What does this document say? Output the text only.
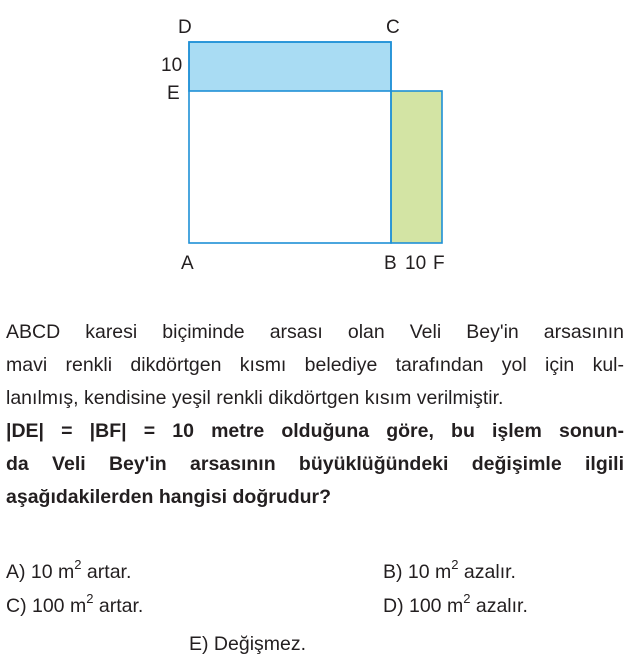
D	C
10
E
A	B 10 F
ABCD karesi biçiminde arsası olan Veli Bey'in arsasının
mavi renkli dikdörtgen kısmı belediye tarafından yol için kul-
lanılmış, kendisine yeşil renkli dikdörtgen kısım verilmiştir.
|DE| = |BF| = 10 metre olduğuna göre, bu işlem sonun-
da Veli Bey'in arsasının büyüklüğündeki değişimle ilgili
aşağıdakilerden hangisi doğrudur?
A) 10 $m^2$ artar.	B) 10 $m^2$ azalır.
C) 100 $m^2$ artar.	D) 100 $m^2$ azalır.
E) Değişmez.
